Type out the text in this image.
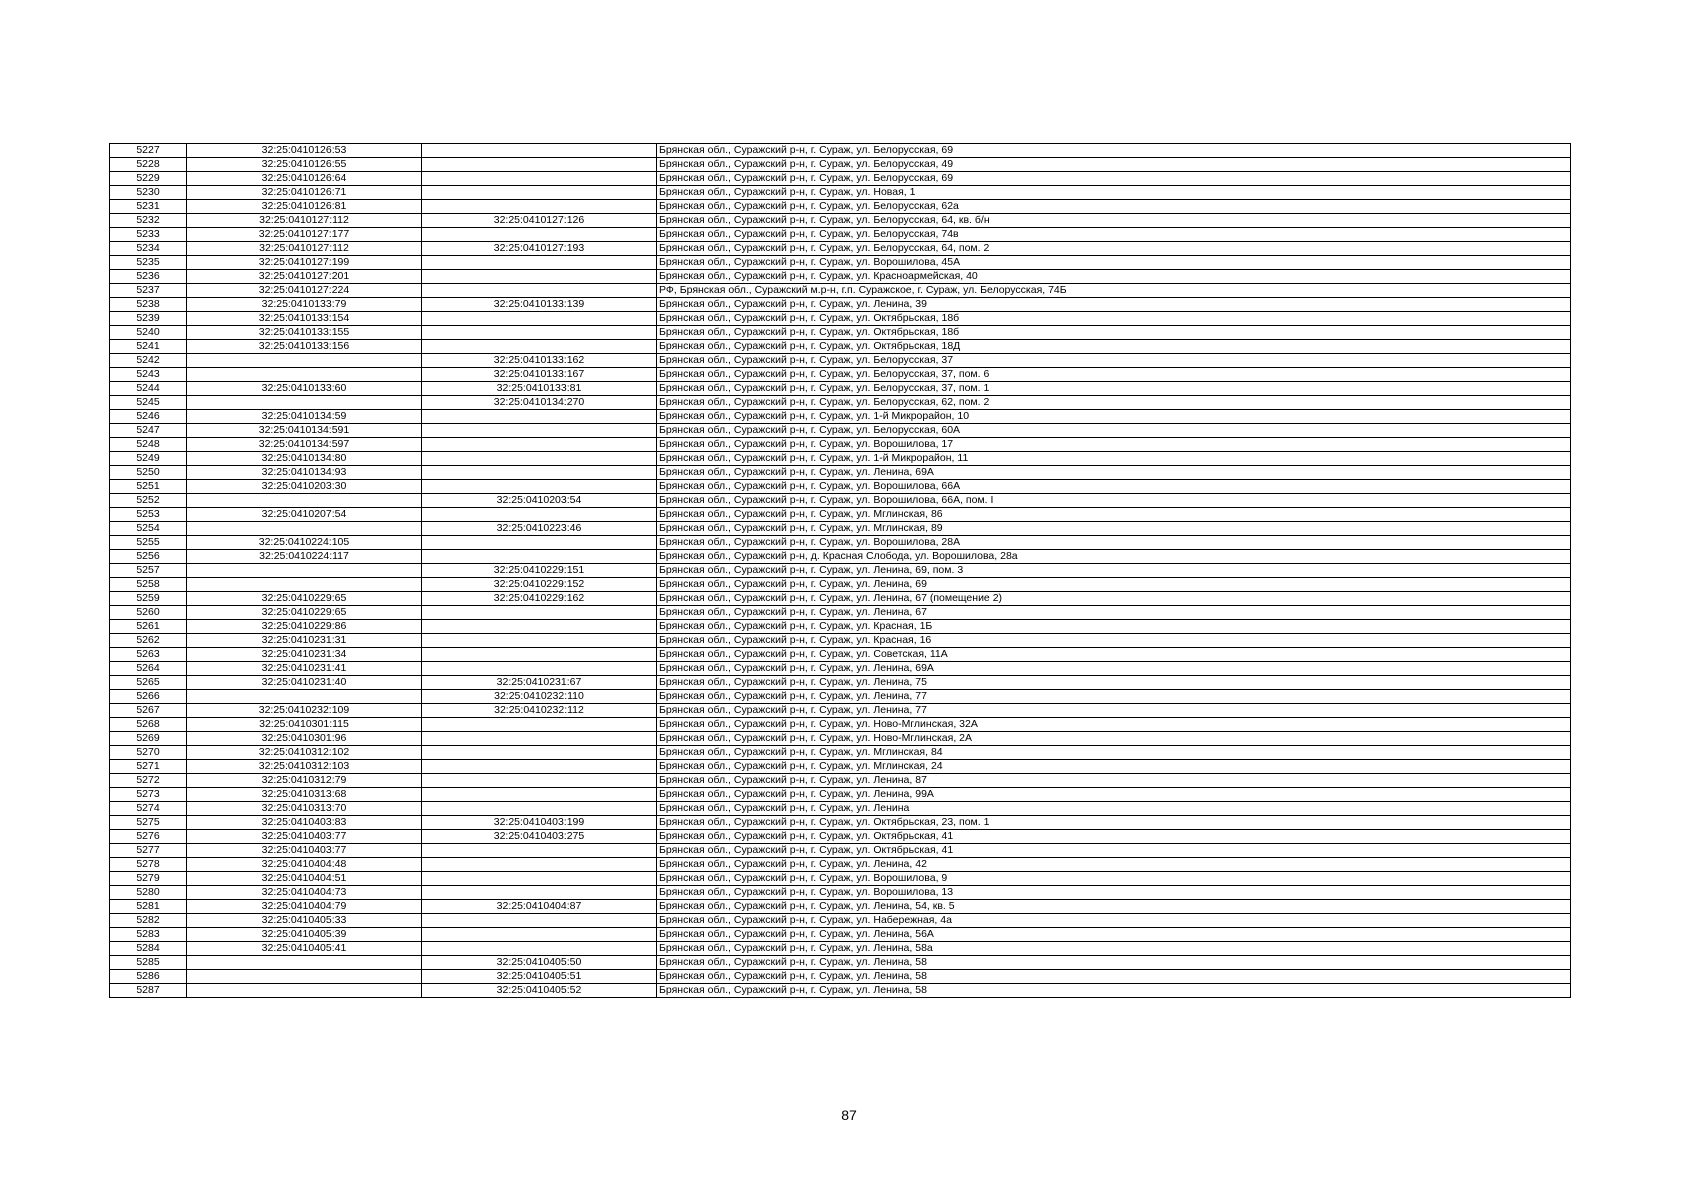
5227	32:25:0410126:53		Брянская обл., Суражский р-н, г. Сураж, ул. Белорусская, 69
5228	32:25:0410126:55		Брянская обл., Суражский р-н, г. Сураж, ул. Белорусская, 49
5229	32:25:0410126:64		Брянская обл., Суражский р-н, г. Сураж, ул. Белорусская, 69
5230	32:25:0410126:71		Брянская обл., Суражский р-н, г. Сураж, ул. Новая, 1
5231	32:25:0410126:81		Брянская обл., Суражский р-н, г. Сураж, ул. Белорусская, 62а
5232	32:25:0410127:112	32:25:0410127:126	Брянская обл., Суражский р-н, г. Сураж, ул. Белорусская, 64, кв. б/н
5233	32:25:0410127:177		Брянская обл., Суражский р-н, г. Сураж, ул. Белорусская, 74в
5234	32:25:0410127:112	32:25:0410127:193	Брянская обл., Суражский р-н, г. Сураж, ул. Белорусская, 64, пом. 2
5235	32:25:0410127:199		Брянская обл., Суражский р-н, г. Сураж, ул. Ворошилова, 45А
5236	32:25:0410127:201		Брянская обл., Суражский р-н, г. Сураж, ул. Красноармейская, 40
5237	32:25:0410127:224		РФ, Брянская обл., Суражский м.р-н, г.п. Суражское, г. Сураж, ул. Белорусская, 74Б
5238	32:25:0410133:79	32:25:0410133:139	Брянская обл., Суражский р-н, г. Сураж, ул. Ленина, 39
5239	32:25:0410133:154		Брянская обл., Суражский р-н, г. Сураж, ул. Октябрьская, 18б
5240	32:25:0410133:155		Брянская обл., Суражский р-н, г. Сураж, ул. Октябрьская, 18б
5241	32:25:0410133:156		Брянская обл., Суражский р-н, г. Сураж, ул. Октябрьская, 18Д
5242		32:25:0410133:162	Брянская обл., Суражский р-н, г. Сураж, ул. Белорусская, 37
5243		32:25:0410133:167	Брянская обл., Суражский р-н, г. Сураж, ул. Белорусская, 37, пом. 6
5244	32:25:0410133:60	32:25:0410133:81	Брянская обл., Суражский р-н, г. Сураж, ул. Белорусская, 37, пом. 1
5245		32:25:0410134:270	Брянская обл., Суражский р-н, г. Сураж, ул. Белорусская, 62, пом. 2
5246	32:25:0410134:59		Брянская обл., Суражский р-н, г. Сураж, ул. 1-й Микрорайон, 10
5247	32:25:0410134:591		Брянская обл., Суражский р-н, г. Сураж, ул. Белорусская, 60А
5248	32:25:0410134:597		Брянская обл., Суражский р-н, г. Сураж, ул. Ворошилова, 17
5249	32:25:0410134:80		Брянская обл., Суражский р-н, г. Сураж, ул. 1-й Микрорайон, 11
5250	32:25:0410134:93		Брянская обл., Суражский р-н, г. Сураж, ул. Ленина, 69А
5251	32:25:0410203:30		Брянская обл., Суражский р-н, г. Сураж, ул. Ворошилова, 66А
5252		32:25:0410203:54	Брянская обл., Суражский р-н, г. Сураж, ул. Ворошилова, 66А, пом. I
5253	32:25:0410207:54		Брянская обл., Суражский р-н, г. Сураж, ул. Мглинская, 86
5254		32:25:0410223:46	Брянская обл., Суражский р-н, г. Сураж, ул. Мглинская, 89
5255	32:25:0410224:105		Брянская обл., Суражский р-н, г. Сураж, ул. Ворошилова, 28А
5256	32:25:0410224:117		Брянская обл., Суражский р-н, д. Красная Слобода, ул. Ворошилова, 28а
5257		32:25:0410229:151	Брянская обл., Суражский р-н, г. Сураж, ул. Ленина, 69, пом. 3
5258		32:25:0410229:152	Брянская обл., Суражский р-н, г. Сураж, ул. Ленина, 69
5259	32:25:0410229:65	32:25:0410229:162	Брянская обл., Суражский р-н, г. Сураж, ул. Ленина, 67 (помещение 2)
5260	32:25:0410229:65		Брянская обл., Суражский р-н, г. Сураж, ул. Ленина, 67
5261	32:25:0410229:86		Брянская обл., Суражский р-н, г. Сураж, ул. Красная, 1Б
5262	32:25:0410231:31		Брянская обл., Суражский р-н, г. Сураж, ул. Красная, 16
5263	32:25:0410231:34		Брянская обл., Суражский р-н, г. Сураж, ул. Советская, 11А
5264	32:25:0410231:41		Брянская обл., Суражский р-н, г. Сураж, ул. Ленина, 69А
5265	32:25:0410231:40	32:25:0410231:67	Брянская обл., Суражский р-н, г. Сураж, ул. Ленина, 75
5266		32:25:0410232:110	Брянская обл., Суражский р-н, г. Сураж, ул. Ленина, 77
5267	32:25:0410232:109	32:25:0410232:112	Брянская обл., Суражский р-н, г. Сураж, ул. Ленина, 77
5268	32:25:0410301:115		Брянская обл., Суражский р-н, г. Сураж, ул. Ново-Мглинская, 32А
5269	32:25:0410301:96		Брянская обл., Суражский р-н, г. Сураж, ул. Ново-Мглинская, 2А
5270	32:25:0410312:102		Брянская обл., Суражский р-н, г. Сураж, ул. Мглинская, 84
5271	32:25:0410312:103		Брянская обл., Суражский р-н, г. Сураж, ул. Мглинская, 24
5272	32:25:0410312:79		Брянская обл., Суражский р-н, г. Сураж, ул. Ленина, 87
5273	32:25:0410313:68		Брянская обл., Суражский р-н, г. Сураж, ул. Ленина, 99А
5274	32:25:0410313:70		Брянская обл., Суражский р-н, г. Сураж, ул. Ленина
5275	32:25:0410403:83	32:25:0410403:199	Брянская обл., Суражский р-н, г. Сураж, ул. Октябрьская, 23, пом. 1
5276	32:25:0410403:77	32:25:0410403:275	Брянская обл., Суражский р-н, г. Сураж, ул. Октябрьская, 41
5277	32:25:0410403:77		Брянская обл., Суражский р-н, г. Сураж, ул. Октябрьская, 41
5278	32:25:0410404:48		Брянская обл., Суражский р-н, г. Сураж, ул. Ленина, 42
5279	32:25:0410404:51		Брянская обл., Суражский р-н, г. Сураж, ул. Ворошилова, 9
5280	32:25:0410404:73		Брянская обл., Суражский р-н, г. Сураж, ул. Ворошилова, 13
5281	32:25:0410404:79	32:25:0410404:87	Брянская обл., Суражский р-н, г. Сураж, ул. Ленина, 54, кв. 5
5282	32:25:0410405:33		Брянская обл., Суражский р-н, г. Сураж, ул. Набережная, 4а
5283	32:25:0410405:39		Брянская обл., Суражский р-н, г. Сураж, ул. Ленина, 56А
5284	32:25:0410405:41		Брянская обл., Суражский р-н, г. Сураж, ул. Ленина, 58а
5285		32:25:0410405:50	Брянская обл., Суражский р-н, г. Сураж, ул. Ленина, 58
5286		32:25:0410405:51	Брянская обл., Суражский р-н, г. Сураж, ул. Ленина, 58
5287		32:25:0410405:52	Брянская обл., Суражский р-н, г. Сураж, ул. Ленина, 58
87
